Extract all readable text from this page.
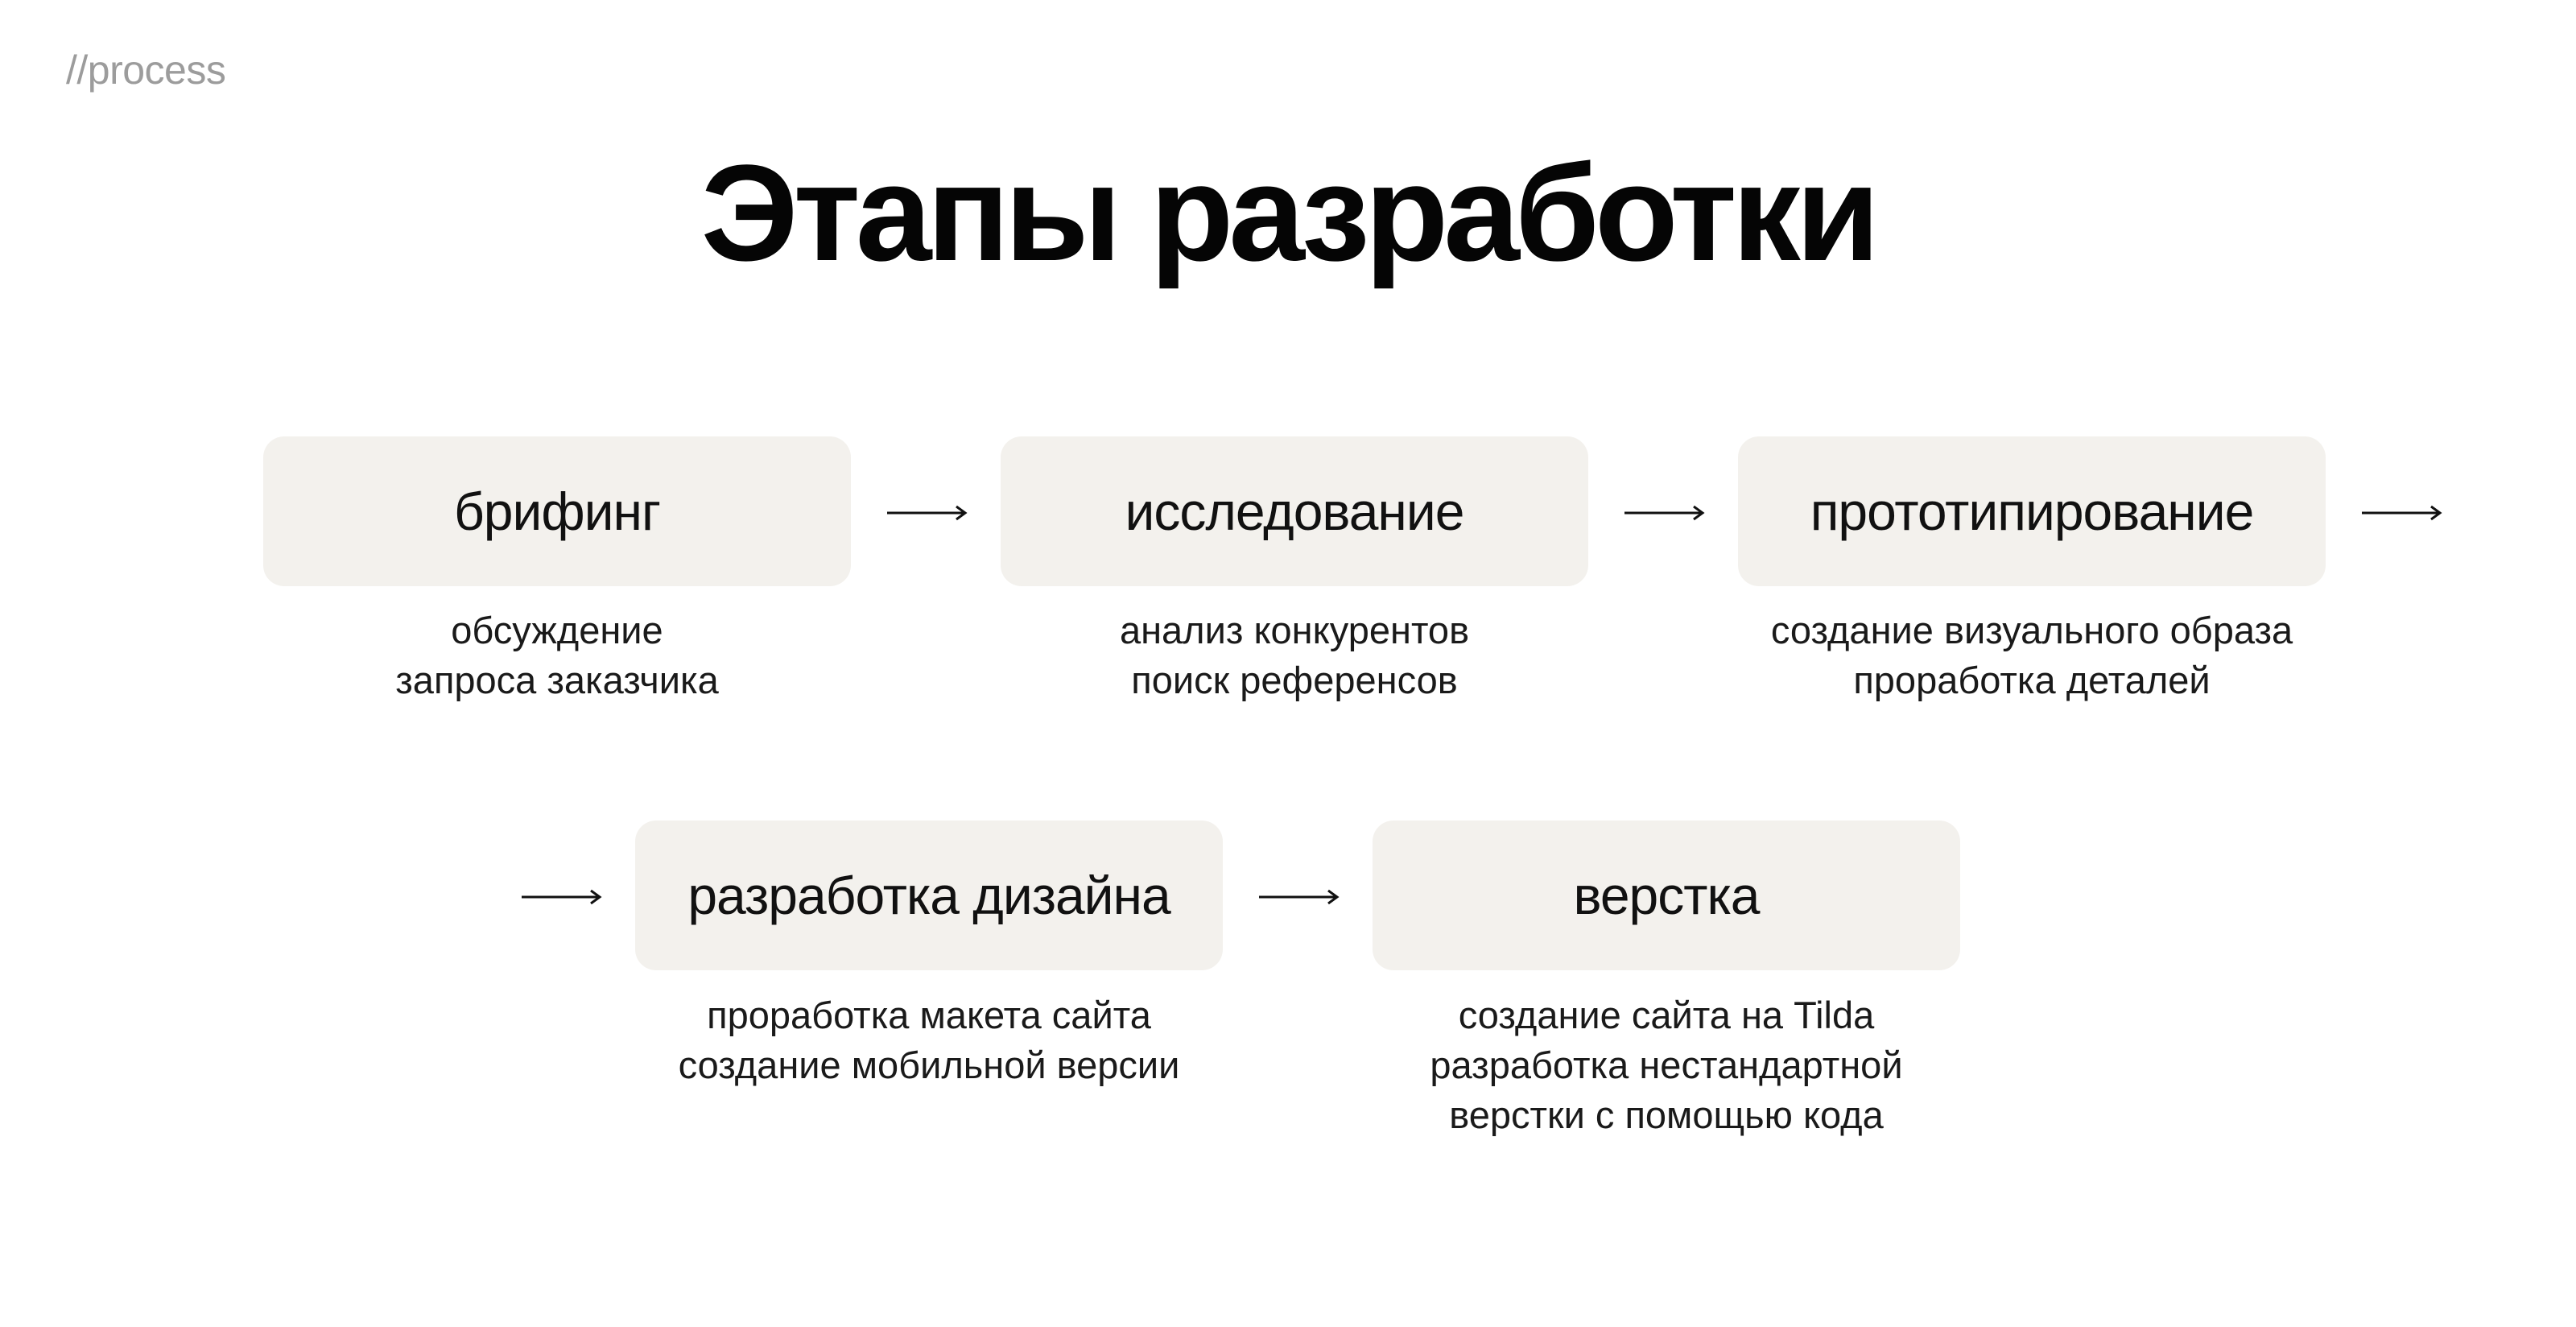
//process
Этапы разработки
брифинг
обсуждение
запроса заказчика
исследование
анализ конкурентов
поиск референсов
прототипирование
создание визуального образа
проработка деталей
разработка дизайна
проработка макета сайта
создание мобильной версии
верстка
создание сайта на Tilda
разработка нестандартной
верстки с помощью кода
